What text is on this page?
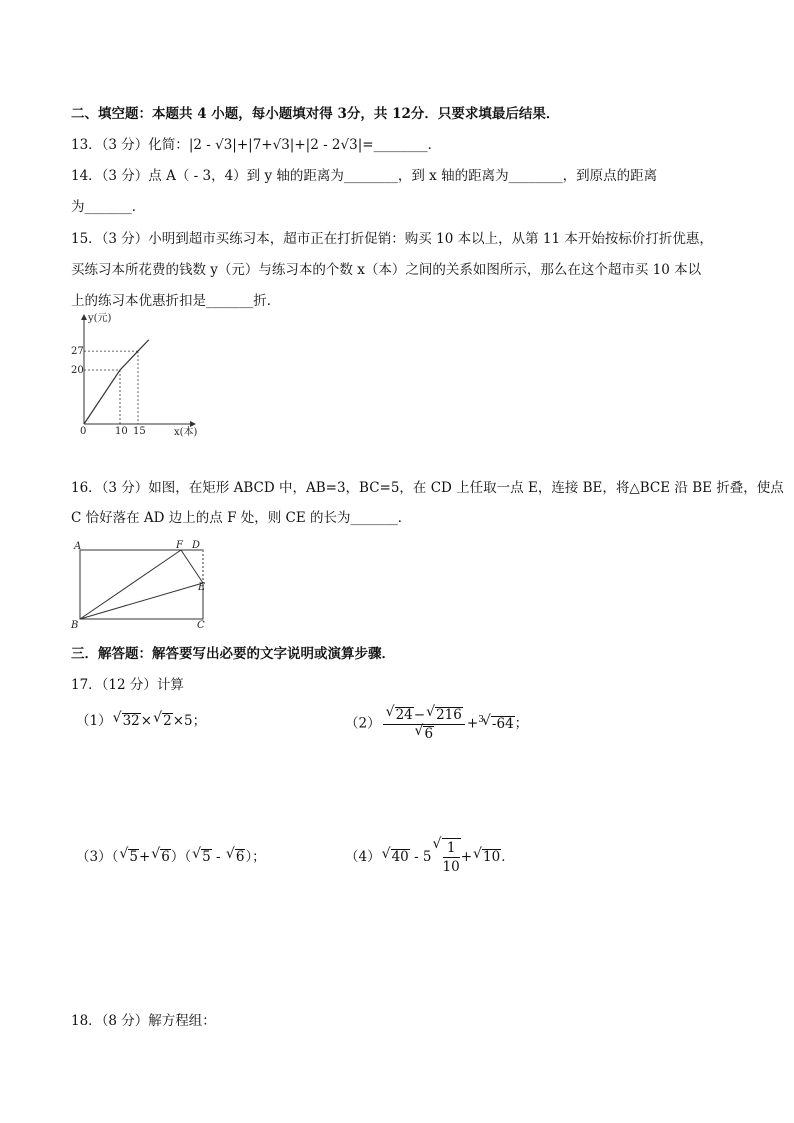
二、填空题：本题共 4 小题，每小题填对得 3分，共 12分．只要求填最后结果．
13．（3 分）化简：|2 - √3|+|7+√3|+|2 - 2√3|=________．
14．（3 分）点 A（ - 3，4）到 y 轴的距离为________，到 x 轴的距离为________，到原点的距离
为_______．
15．（3 分）小明到超市买练习本，超市正在打折促销：购买 10 本以上，从第 11 本开始按标价打折优惠，
买练习本所花费的钱数 y（元）与练习本的个数 x（本）之间的关系如图所示，那么在这个超市买 10 本以
上的练习本优惠折扣是_______折．
y(元)
x(本)
0	10 15
20
27
16．（3 分）如图，在矩形 ABCD 中，AB=3，BC=5，在 CD 上任取一点 E，连接 BE，将△BCE 沿 BE 折叠，使点
C 恰好落在 AD 边上的点 F 处，则 CE 的长为_______．
A	F D
E
B	C
三．解答题：解答要写出必要的文字说明或演算步骤．
17．（12 分）计算
（1） √ 32× √ 2×5；	（2） √ 24− √ 216
√ 6 +$^3$ √ -64；
（3）（ √ 5+ √ 6）（ √ 5 - √ 6）；	（4） √ 40 - 5 √ $\frac{1}{10}$ + √ 10．
18．（8 分）解方程组：
